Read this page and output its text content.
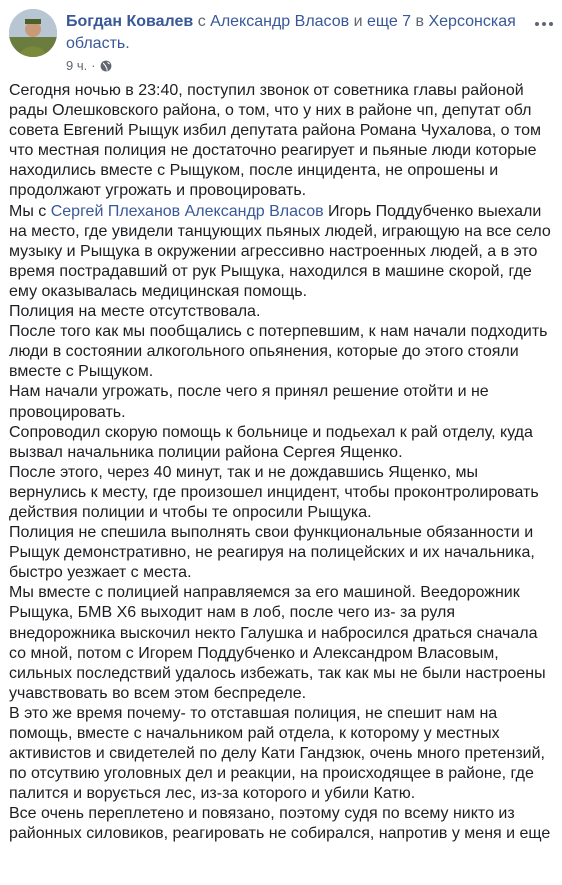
Богдан Ковалев с Александр Власов и еще 7 в Херсонская
область.
9 ч. ·

Сегодня ночью в 23:40, поступил звонок от советника главы районой

рады Олешковского района, о том, что у них в районе чп, депутат обл

совета Евгений Рыщук избил депутата района Романа Чухалова, о том

что местная полиция не достаточно реагирует и пьяные люди которые

находились вместе с Рыщуком, после инцидента, не опрошены и

продолжают угрожать и провоцировать.

Мы с Сергей Плеханов Александр Власов Игорь Поддубченко выехали

на место, где увидели танцующих пьяных людей, играющую на все село

музыку и Рыщука в окружении агрессивно настроенных людей, а в это

время пострадавший от рук Рыщука, находился в машине скорой, где

ему оказывалась медицинская помощь.

Полиция на месте отсутствовала.

После того как мы пообщались с потерпевшим, к нам начали подходить

люди в состоянии алкогольного опьянения, которые до этого стояли

вместе с Рыщуком.

Нам начали угрожать, после чего я принял решение отойти и не

провоцировать.

Сопроводил скорую помощь к больнице и подьехал к рай отделу, куда

вызвал начальника полиции района Сергея Ященко.

После этого, через 40 минут, так и не дождавшись Ященко, мы

вернулись к месту, где произошел инцидент, чтобы проконтролировать

действия полиции и чтобы те опросили Рыщука.

Полиция не спешила выполнять свои функциональные обязанности и

Рыщук демонстративно, не реагируя на полицейских и их начальника,

быстро уезжает с места.

Мы вместе с полицией направляемся за его машиной. Веедорожник

Рыщука, БМВ Х6 выходит нам в лоб, после чего из- за руля

внедорожника выскочил некто Галушка и набросился драться сначала

со мной, потом с Игорем Поддубченко и Александром Власовым,

сильных последствий удалось избежать, так как мы не были настроены

учавствовать во всем этом беспределе.

В это же время почему- то отставшая полиция, не спешит нам на

помощь, вместе с начальником рай отдела, к которому у местных

активистов и свидетелей по делу Кати Гандзюк, очень много претензий,

по отсутвию уголовных дел и реакции, на происходящее в районе, где

палится и ворується лес, из-за которого и убили Катю.

Все очень переплетено и повязано, поэтому судя по всему никто из

районных силовиков, реагировать не собирался, напротив у меня и еще
